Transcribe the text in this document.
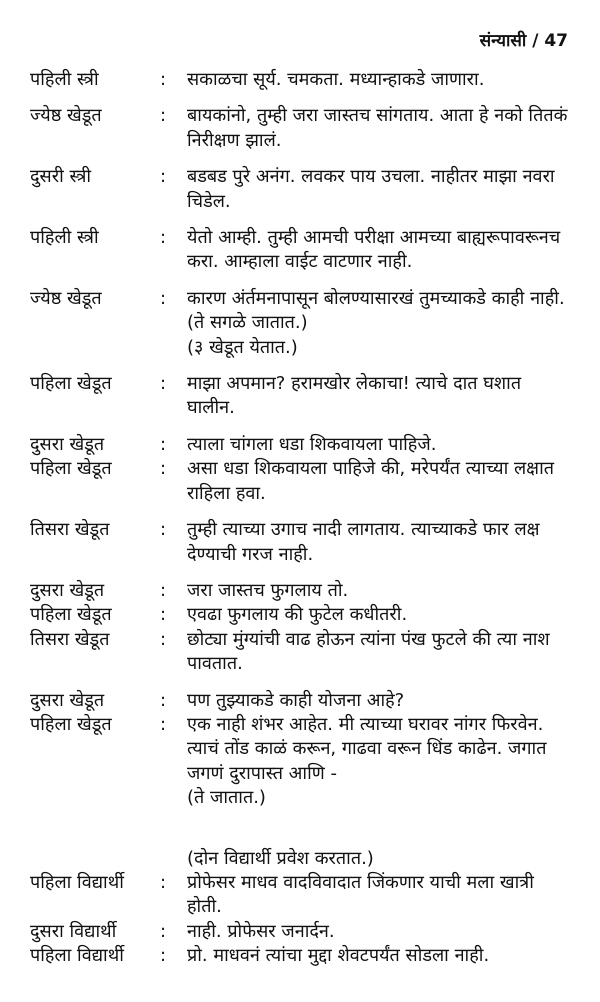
संन्यासी / 47
पहिली स्त्री	:	सकाळचा सूर्य. चमकता. मध्यान्हाकडे जाणारा.
ज्येष्ठ खेडूत	:	बायकांनो, तुम्ही जरा जास्तच सांगताय. आता हे नको तितकं निरीक्षण झालं.
दुसरी स्त्री	:	बडबड पुरे अनंग. लवकर पाय उचला. नाहीतर माझा नवरा चिडेल.
पहिली स्त्री	:	येतो आम्ही. तुम्ही आमची परीक्षा आमच्या बाह्यरूपावरूनच करा. आम्हाला वाईट वाटणार नाही.
ज्येष्ठ खेडूत	:	कारण अंर्तमनापासून बोलण्यासारखं तुमच्याकडे काही नाही.
(ते सगळे जातात.)
(३ खेडूत येतात.)
पहिला खेडूत	:	माझा अपमान? हरामखोर लेकाचा! त्याचे दात घशात घालीन.
दुसरा खेडूत	:	त्याला चांगला धडा शिकवायला पाहिजे.
पहिला खेडूत	:	असा धडा शिकवायला पाहिजे की, मरेपर्यंत त्याच्या लक्षात राहिला हवा.
तिसरा खेडूत	:	तुम्ही त्याच्या उगाच नादी लागताय. त्याच्याकडे फार लक्ष देण्याची गरज नाही.
दुसरा खेडूत	:	जरा जास्तच फुगलाय तो.
पहिला खेडूत	:	एवढा फुगलाय की फुटेल कधीतरी.
तिसरा खेडूत	:	छोट्या मुंग्यांची वाढ होऊन त्यांना पंख फुटले की त्या नाश पावतात.
दुसरा खेडूत	:	पण तुझ्याकडे काही योजना आहे?
पहिला खेडूत	:	एक नाही शंभर आहेत. मी त्याच्या घरावर नांगर फिरवेन. त्याचं तोंड काळं करून, गाढवा वरून धिंड काढेन. जगात जगणं दुरापास्त आणि -
(ते जातात.)
(दोन विद्यार्थी प्रवेश करतात.)
पहिला विद्यार्थी	:	प्रोफेसर माधव वादविवादात जिंकणार याची मला खात्री होती.
दुसरा विद्यार्थी	:	नाही. प्रोफेसर जनार्दन.
पहिला विद्यार्थी	:	प्रो. माधवनं त्यांचा मुद्दा शेवटपर्यंत सोडला नाही.
